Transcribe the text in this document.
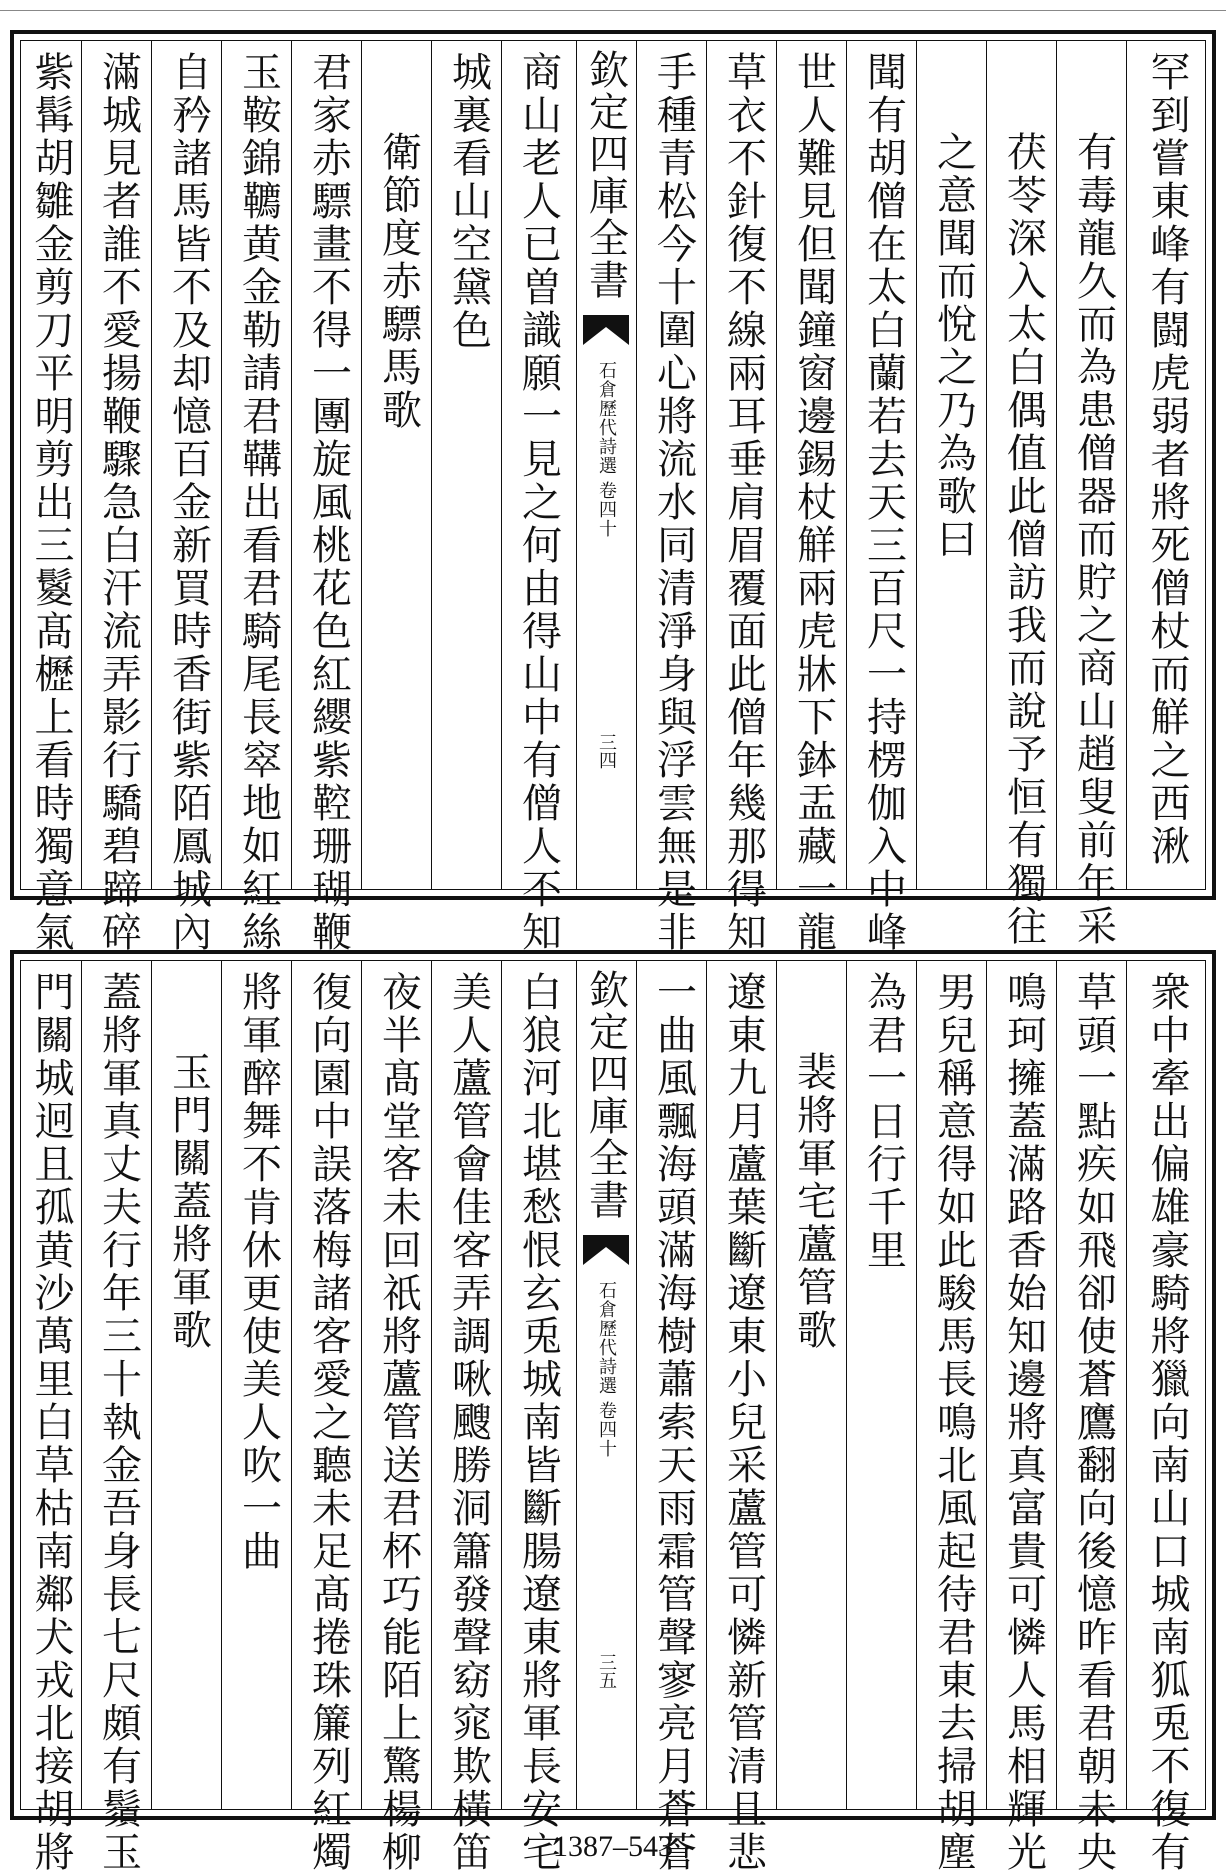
罕到嘗東峰有闘虎弱者將死僧杖而觧之西湫
有毒龍久而為患僧器而貯之商山趙叟前年采
茯苓深入太白偶值此僧訪我而說予恒有獨往
之意聞而悅之乃為歌曰
聞有胡僧在太白蘭若去天三百尺一持楞伽入中峰
世人難見但聞鐘窗邊錫杖觧兩虎牀下鉢盂藏一龍
草衣不針復不線兩耳垂肩眉覆面此僧年幾那得知
手種青松今十圍心將流水同清淨身與浮雲無是非
欽定四庫全書
石倉歷代詩選
卷四十
三四
商山老人已曽識願一見之何由得山中有僧人不知
城裏看山空黛色
衛節度赤驃馬歌
君家赤驃畫不得一團旋風桃花色紅纓紫鞚珊瑚鞭
玉鞍錦韀黄金勒請君鞲出看君騎尾長窣地如紅絲
自矜諸馬皆不及却憶百金新買時香街紫陌鳳城內
滿城見者誰不愛揚鞭驟急白汗流弄影行驕碧蹄碎
紫髯胡雛金剪刀平明剪出三鬉髙櫪上看時獨意氣
衆中牽出偏雄豪騎將獵向南山口城南狐兎不復有
草頭一點疾如飛卻使蒼鷹翻向後憶昨看君朝未央
鳴珂擁蓋滿路香始知邊將真富貴可憐人馬相輝光
男兒稱意得如此駿馬長鳴北風起待君東去掃胡塵
為君一日行千里
裴將軍宅蘆管歌
遼東九月蘆葉斷遼東小兒采蘆管可憐新管清且悲
一曲風飄海頭滿海樹蕭索天雨霜管聲寥亮月蒼蒼
欽定四庫全書
石倉歷代詩選
卷四十
三五
白狼河北堪愁恨玄兎城南皆斷腸遼東將軍長安宅
美人蘆管會佳客弄調啾颼勝洞簫發聲窈窕欺橫笛
夜半髙堂客未回祇將蘆管送君杯巧能陌上驚楊柳
復向園中誤落梅諸客愛之聽未足髙捲珠簾列紅燭
將軍醉舞不肯休更使美人吹一曲
玉門關蓋將軍歌
蓋將軍真丈夫行年三十執金吾身長七尺頗有鬚玉
門關城迥且孤黄沙萬里白草枯南鄰犬戎北接胡將	1387–543
